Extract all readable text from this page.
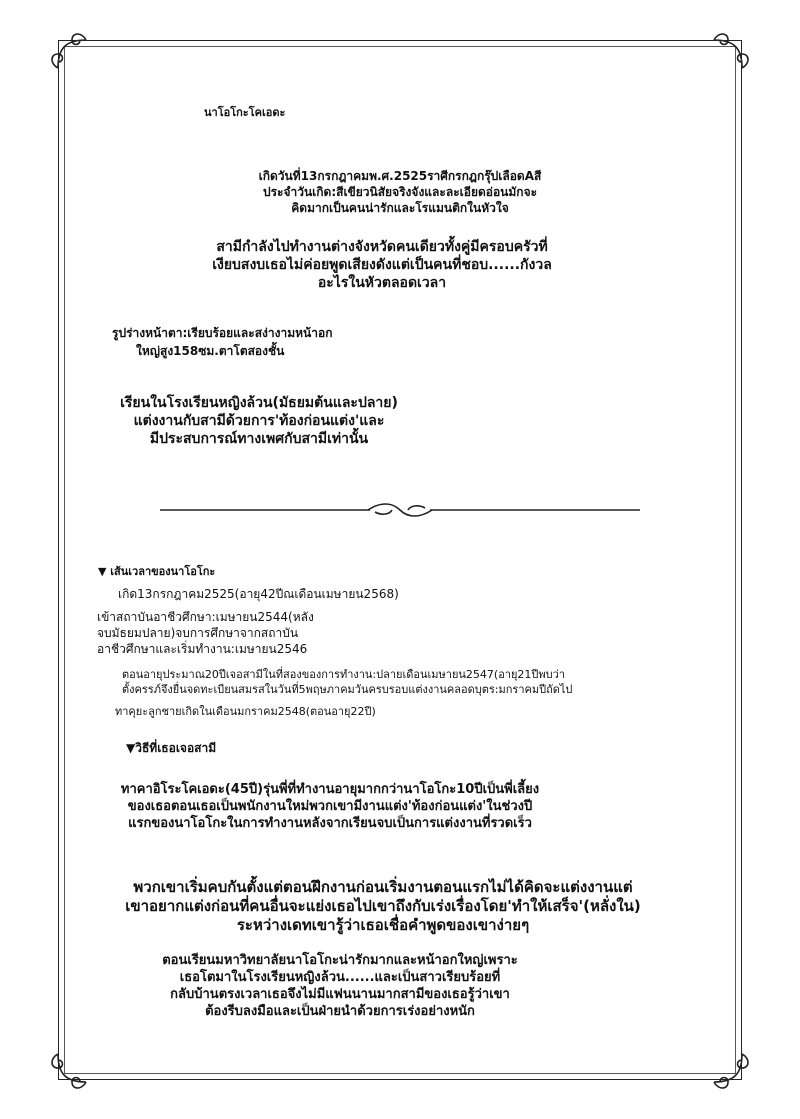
นาโอโกะโคเอดะ
เกิดวันที่13กรกฎาคมพ.ศ.2525ราศีกรกฎกรุ๊ปเลือดAสี
ประจำวันเกิด:สีเขียวนิสัยจริงจังและละเอียดอ่อนมักจะ
คิดมากเป็นคนน่ารักและโรแมนติกในหัวใจ
สามีกำลังไปทำงานต่างจังหวัดคนเดียวทั้งคู่มีครอบครัวที่
เงียบสงบเธอไม่ค่อยพูดเสียงดังแต่เป็นคนที่ชอบ......กังวล
อะไรในหัวตลอดเวลา
รูปร่างหน้าตา:เรียบร้อยและสง่างามหน้าอก
ใหญ่สูง158ซม.ตาโตสองชั้น
เรียนในโรงเรียนหญิงล้วน(มัธยมต้นและปลาย)
แต่งงานกับสามีด้วยการ'ท้องก่อนแต่ง'และ
มีประสบการณ์ทางเพศกับสามีเท่านั้น
▼ เส้นเวลาของนาโอโกะ
เกิด13กรกฎาคม2525(อายุ42ปีณเดือนเมษายน2568)
เข้าสถาบันอาชีวศึกษา:เมษายน2544(หลัง
จบมัธยมปลาย)จบการศึกษาจากสถาบัน
อาชีวศึกษาและเริ่มทำงาน:เมษายน2546
ตอนอายุประมาณ20ปีเจอสามีในที่สองของการทำงาน:ปลายเดือนเมษายน2547(อายุ21ปีพบว่า
ตั้งครรภ์จึงยื่นจดทะเบียนสมรสในวันที่5พฤษภาคมวันครบรอบแต่งงานคลอดบุตร:มกราคมปีถัดไป
ทาคุยะลูกชายเกิดในเดือนมกราคม2548(ตอนอายุ22ปี)
▼วิธีที่เธอเจอสามี
ทาคาอิโระโคเอดะ(45ปี)รุ่นพี่ที่ทำงานอายุมากกว่านาโอโกะ10ปีเป็นพี่เลี้ยง
ของเธอตอนเธอเป็นพนักงานใหม่พวกเขามีงานแต่ง'ท้องก่อนแต่ง'ในช่วงปี
แรกของนาโอโกะในการทำงานหลังจากเรียนจบเป็นการแต่งงานที่รวดเร็ว
พวกเขาเริ่มคบกันตั้งแต่ตอนฝึกงานก่อนเริ่มงานตอนแรกไม่ได้คิดจะแต่งงานแต่
เขาอยากแต่งก่อนที่คนอื่นจะแย่งเธอไปเขาถึงกับเร่งเรื่องโดย'ทำให้เสร็จ'(หลั่งใน)
ระหว่างเดทเขารู้ว่าเธอเชื่อคำพูดของเขาง่ายๆ
ตอนเรียนมหาวิทยาลัยนาโอโกะน่ารักมากและหน้าอกใหญ่เพราะ
เธอโตมาในโรงเรียนหญิงล้วน......และเป็นสาวเรียบร้อยที่
กลับบ้านตรงเวลาเธอจึงไม่มีแฟนนานมากสามีของเธอรู้ว่าเขา
ต้องรีบลงมือและเป็นฝ่ายนำด้วยการเร่งอย่างหนัก
